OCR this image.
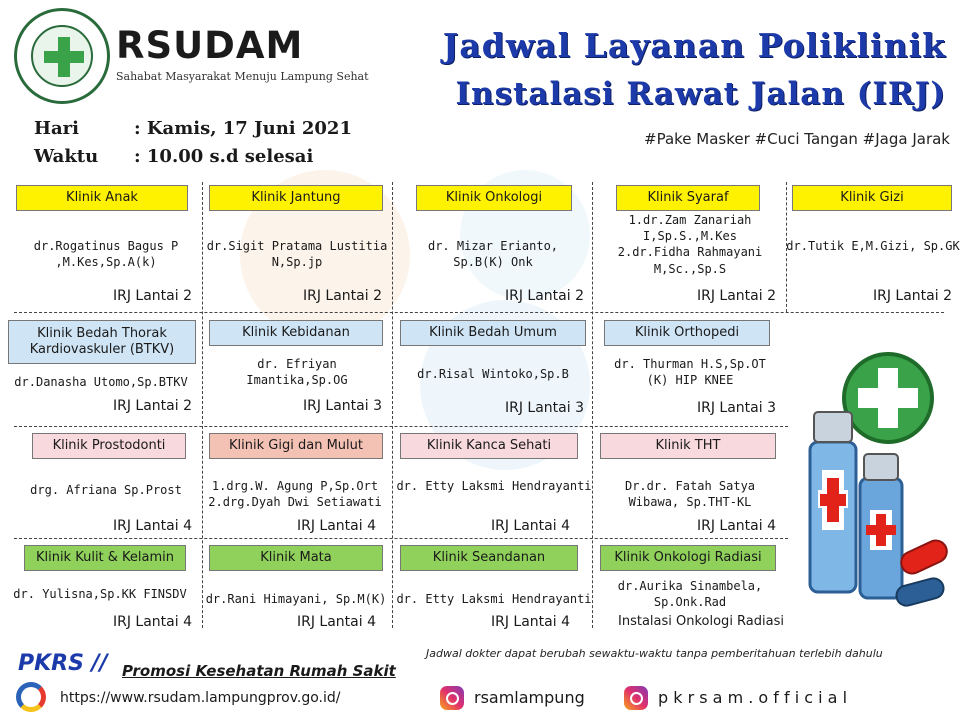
RSUDAM
Sahabat Masyarakat Menuju Lampung Sehat
Jadwal Layanan Poliklinik
Instalasi Rawat Jalan (IRJ)
Hari	: Kamis, 17 Juni 2021
Waktu : 10.00 s.d selesai
#Pake Masker #Cuci Tangan #Jaga Jarak
Klinik Anak
dr.Rogatinus Bagus P
,M.Kes,Sp.A(k)
IRJ Lantai 2
Klinik Jantung
dr.Sigit Pratama Lustitia
N,Sp.jp
IRJ Lantai 2
Klinik Onkologi
dr. Mizar Erianto,
Sp.B(K) Onk
IRJ Lantai 2
Klinik Syaraf
1.dr.Zam Zanariah
I,Sp.S.,M.Kes
2.dr.Fidha Rahmayani
M,Sc.,Sp.S
IRJ Lantai 2
Klinik Gizi
dr.Tutik E,M.Gizi, Sp.GK
IRJ Lantai 2
Klinik Bedah Thorak
Kardiovaskuler (BTKV)
dr.Danasha Utomo,Sp.BTKV
IRJ Lantai 2
Klinik Kebidanan
dr. Efriyan
Imantika,Sp.OG
IRJ Lantai 3
Klinik Bedah Umum
dr.Risal Wintoko,Sp.B
IRJ Lantai 3
Klinik Orthopedi
dr. Thurman H.S,Sp.OT
(K) HIP KNEE
IRJ Lantai 3
Klinik Prostodonti
drg. Afriana Sp.Prost
IRJ Lantai 4
Klinik Gigi dan Mulut
1.drg.W. Agung P,Sp.Ort
2.drg.Dyah Dwi Setiawati
IRJ Lantai 4
Klinik Kanca Sehati
dr. Etty Laksmi Hendrayanti
IRJ Lantai 4
Klinik THT
Dr.dr. Fatah Satya
Wibawa, Sp.THT-KL
IRJ Lantai 4
Klinik Kulit & Kelamin
dr. Yulisna,Sp.KK FINSDV
IRJ Lantai 4
Klinik Mata
dr.Rani Himayani, Sp.M(K)
IRJ Lantai 4
Klinik Seandanan
dr. Etty Laksmi Hendrayanti
IRJ Lantai 4
Klinik Onkologi Radiasi
dr.Aurika Sinambela,
Sp.Onk.Rad
Instalasi Onkologi Radiasi
PKRS // Promosi Kesehatan Rumah Sakit
Jadwal dokter dapat berubah sewaktu-waktu tanpa pemberitahuan terlebih dahulu
https://www.rsudam.lampungprov.go.id/	rsamlampung	p k r s a m . o f f i c i a l
